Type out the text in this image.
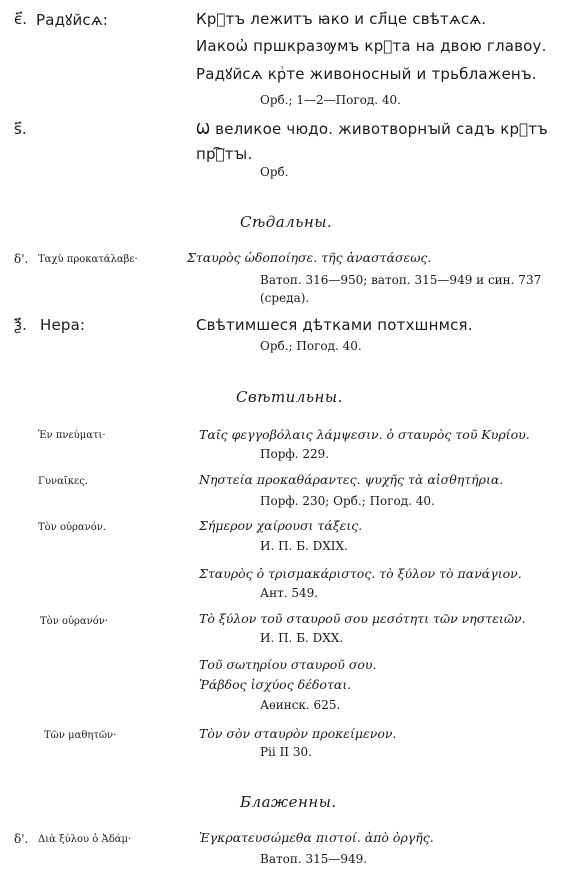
є҃. Радꙋйсѧ:	Крⷮтъ лежитъ ꙗко и сл҃це свѣтѧсѧ.
Иакоѡ҆ пршкразѹмъ крⷮта на двою главоу.
Радꙋйсѧ крⷮте живоносный и трьблаженъ.
Орб.; 1—2—Погод. 40.
ѕ҃.	Ѡ великое чюдо. животворнꙑй садъ крⷮтъ
прⷭ҇тꙑ.
Орб.
Сѣдальны.
δ'. Ταχὺ προκατάλαβε·	Σταυρὸς ὡδοποίησε. τῆς ἀναστάσεως.
Ватоп. 316—950; ватоп. 315—949 и син. 737
(среда).
ѯ҃. Нера:	Свѣтимшеся дѣтками потхшнмся.
Орб.; Погод. 40.
Свѣтильны.
Ἐν πνεύματι·	Ταῖς φεγγοβόλαις λάμψεσιν. ὁ σταυρὸς τοῦ Κυρίου.
Порф. 229.
Γυναῖκες.	Νηστεία προκαθάραντες. ψυχῆς τὰ αἰσθητήρια.
Порф. 230; Орб.; Погод. 40.
Τὸν οὐρανόν.	Σήμερον χαίρουσι τάξεις.
И. П. Б. DXIX.
Σταυρὸς ὁ τρισμακάριστος. τὸ ξύλον τὸ πανάγιον.
Ант. 549.
Τὸν οὐρανόν·	Τὸ ξύλον τοῦ σταυροῦ σου μεσότητι τῶν νηστειῶν.
И. П. Б. DXX.
Τοῦ σωτηρίου σταυροῦ σου.
Ῥάβδος ἰσχύος δέδοται.
Аѳинск. 625.
Τῶν μαθητῶν·	Τὸν σὸν σταυρὸν προκείμενον.
Pii II 30.
Блаженны.
δ'. Διὰ ξύλου ὁ Ἀδάμ·	Ἐγκρατευσώμεθα πιστοί. ἀπὸ ὀργῆς.
Ватоп. 315—949.
